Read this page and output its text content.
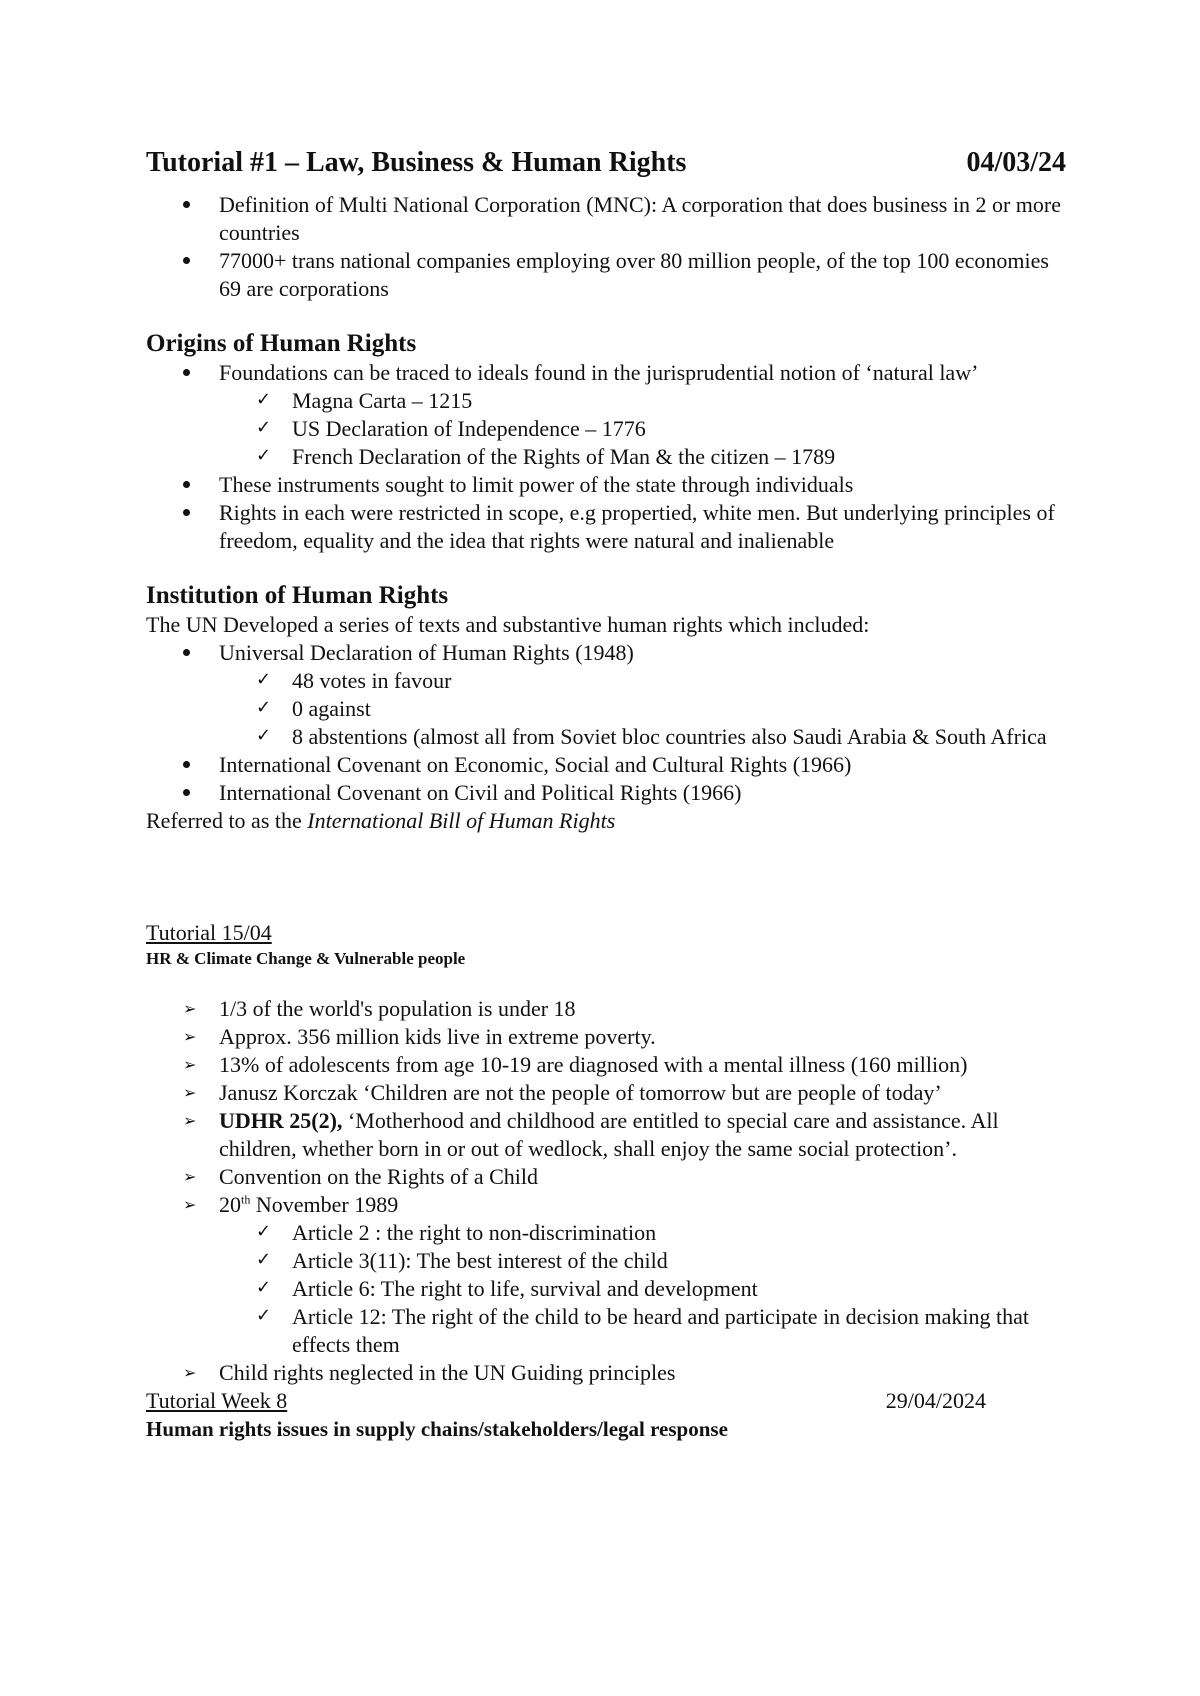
Tutorial #1 – Law, Business & Human Rights	04/03/24
Definition of Multi National Corporation (MNC): A corporation that does business in 2 or more countries
77000+ trans national companies employing over 80 million people, of the top 100 economies 69 are corporations
Origins of Human Rights
Foundations can be traced to ideals found in the jurisprudential notion of ‘natural law’
✓ Magna Carta – 1215
✓ US Declaration of Independence – 1776
✓ French Declaration of the Rights of Man & the citizen – 1789
These instruments sought to limit power of the state through individuals
Rights in each were restricted in scope, e.g propertied, white men. But underlying principles of freedom, equality and the idea that rights were natural and inalienable
Institution of Human Rights

The UN Developed a series of texts and substantive human rights which included:

Universal Declaration of Human Rights (1948)
✓ 48 votes in favour
✓ 0 against
✓ 8 abstentions (almost all from Soviet bloc countries also Saudi Arabia & South Africa
International Covenant on Economic, Social and Cultural Rights (1966)
International Covenant on Civil and Political Rights (1966)

Referred to as the International Bill of Human Rights

Tutorial 15/04
HR & Climate Change & Vulnerable people
➢ 1/3 of the world's population is under 18
➢ Approx. 356 million kids live in extreme poverty.
➢ 13% of adolescents from age 10-19 are diagnosed with a mental illness (160 million)
➢ Janusz Korczak ‘Children are not the people of tomorrow but are people of today’
➢ UDHR 25(2), ‘Motherhood and childhood are entitled to special care and assistance. All children, whether born in or out of wedlock, shall enjoy the same social protection’.
➢ Convention on the Rights of a Child
➢ 20th November 1989
✓ Article 2 : the right to non-discrimination
✓ Article 3(11): The best interest of the child
✓ Article 6: The right to life, survival and development
✓ Article 12: The right of the child to be heard and participate in decision making that effects them
➢ Child rights neglected in the UN Guiding principles
Tutorial Week 8	29/04/2024
Human rights issues in supply chains/stakeholders/legal response
